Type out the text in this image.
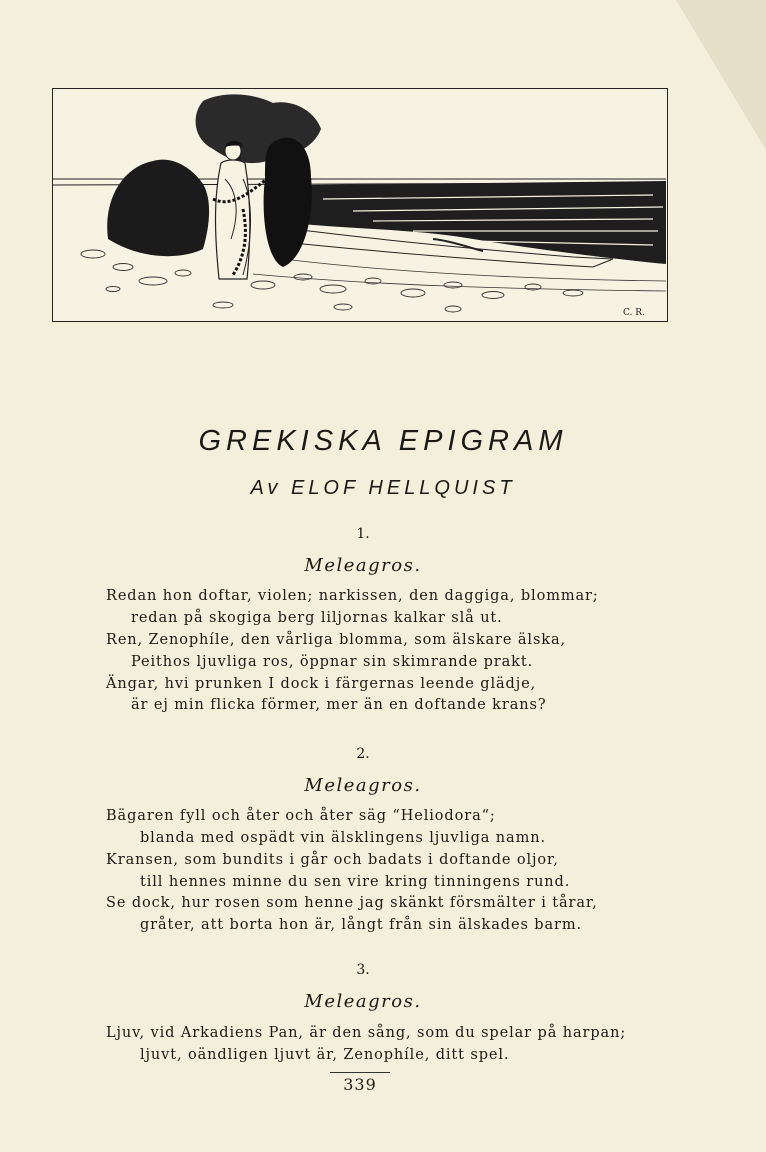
C. R.
GREKISKA EPIGRAM
Av ELOF HELLQUIST
1.
Meleagros.
Redan hon doftar, violen; narkissen, den daggiga, blommar;
redan på skogiga berg liljornas kalkar slå ut.
Ren, Zenophíle, den vårliga blomma, som älskare älska,
Peithos ljuvliga ros, öppnar sin skimrande prakt.
Ängar, hvi prunken I dock i färgernas leende glädje,
är ej min flicka förmer, mer än en doftande krans?
2.
Meleagros.
Bägaren fyll och åter och åter säg “Heliodora“;
blanda med ospädt vin älsklingens ljuvliga namn.
Kransen, som bundits i går och badats i doftande oljor,
till hennes minne du sen vire kring tinningens rund.
Se dock, hur rosen som henne jag skänkt försmälter i tårar,
gråter, att borta hon är, långt från sin älskades barm.
3.
Meleagros.
Ljuv, vid Arkadiens Pan, är den sång, som du spelar på harpan;
ljuvt, oändligen ljuvt är, Zenophíle, ditt spel.
339
